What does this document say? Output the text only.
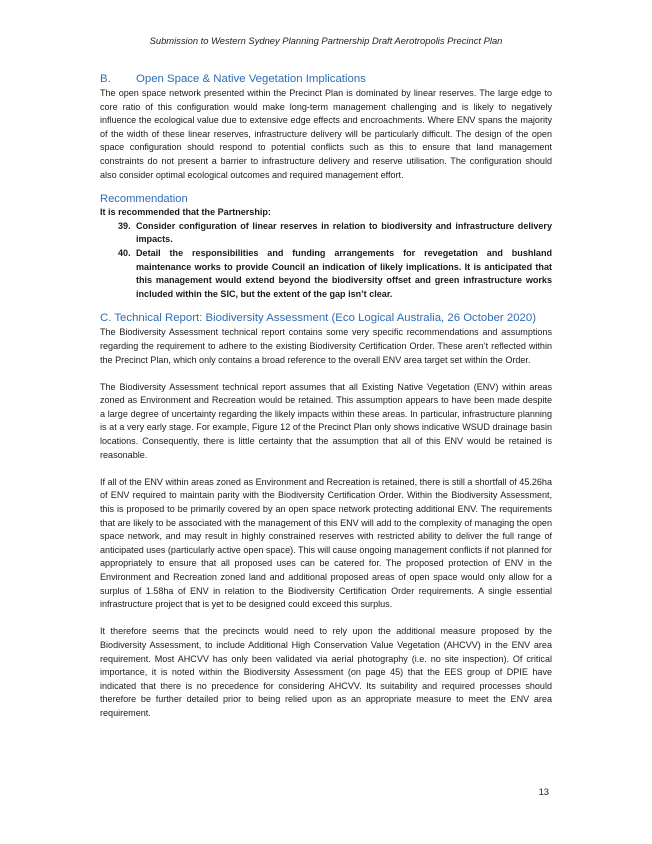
Submission to Western Sydney Planning Partnership Draft Aerotropolis Precinct Plan
B. Open Space & Native Vegetation Implications

The open space network presented within the Precinct Plan is dominated by linear reserves. The large edge to core ratio of this configuration would make long-term management challenging and is likely to negatively influence the ecological value due to extensive edge effects and encroachments. Where ENV spans the majority of the width of these linear reserves, infrastructure delivery will be particularly difficult. The design of the open space configuration should respond to potential conflicts such as this to ensure that land management constraints do not present a barrier to infrastructure delivery and reserve utilisation. The configuration should also consider optimal ecological outcomes and required management effort.

Recommendation

It is recommended that the Partnership:

39. Consider configuration of linear reserves in relation to biodiversity and infrastructure delivery impacts.
40. Detail the responsibilities and funding arrangements for revegetation and bushland maintenance works to provide Council an indication of likely implications. It is anticipated that this management would extend beyond the biodiversity offset and green infrastructure works included within the SIC, but the extent of the gap isn’t clear.
C. Technical Report: Biodiversity Assessment (Eco Logical Australia, 26 October 2020)

The Biodiversity Assessment technical report contains some very specific recommendations and assumptions regarding the requirement to adhere to the existing Biodiversity Certification Order. These aren’t reflected within the Precinct Plan, which only contains a broad reference to the overall ENV area target set within the Order.

The Biodiversity Assessment technical report assumes that all Existing Native Vegetation (ENV) within areas zoned as Environment and Recreation would be retained. This assumption appears to have been made despite a large degree of uncertainty regarding the likely impacts within these areas. In particular, infrastructure planning is at a very early stage. For example, Figure 12 of the Precinct Plan only shows indicative WSUD drainage basin locations. Consequently, there is little certainty that the assumption that all of this ENV would be retained is reasonable.

If all of the ENV within areas zoned as Environment and Recreation is retained, there is still a shortfall of 45.26ha of ENV required to maintain parity with the Biodiversity Certification Order. Within the Biodiversity Assessment, this is proposed to be primarily covered by an open space network protecting additional ENV. The requirements that are likely to be associated with the management of this ENV will add to the complexity of managing the open space network, and may result in highly constrained reserves with restricted ability to deliver the full range of anticipated uses (particularly active open space). This will cause ongoing management conflicts if not planned for appropriately to ensure that all proposed uses can be catered for. The proposed protection of ENV in the Environment and Recreation zoned land and additional proposed areas of open space would only allow for a surplus of 1.58ha of ENV in relation to the Biodiversity Certification Order requirements. A single essential infrastructure project that is yet to be designed could exceed this surplus.

It therefore seems that the precincts would need to rely upon the additional measure proposed by the Biodiversity Assessment, to include Additional High Conservation Value Vegetation (AHCVV) in the ENV area requirement. Most AHCVV has only been validated via aerial photography (i.e. no site inspection). Of critical importance, it is noted within the Biodiversity Assessment (on page 45) that the EES group of DPIE have indicated that there is no precedence for considering AHCVV. Its suitability and required processes should therefore be further detailed prior to being relied upon as an appropriate measure to meet the ENV area requirement.

13
